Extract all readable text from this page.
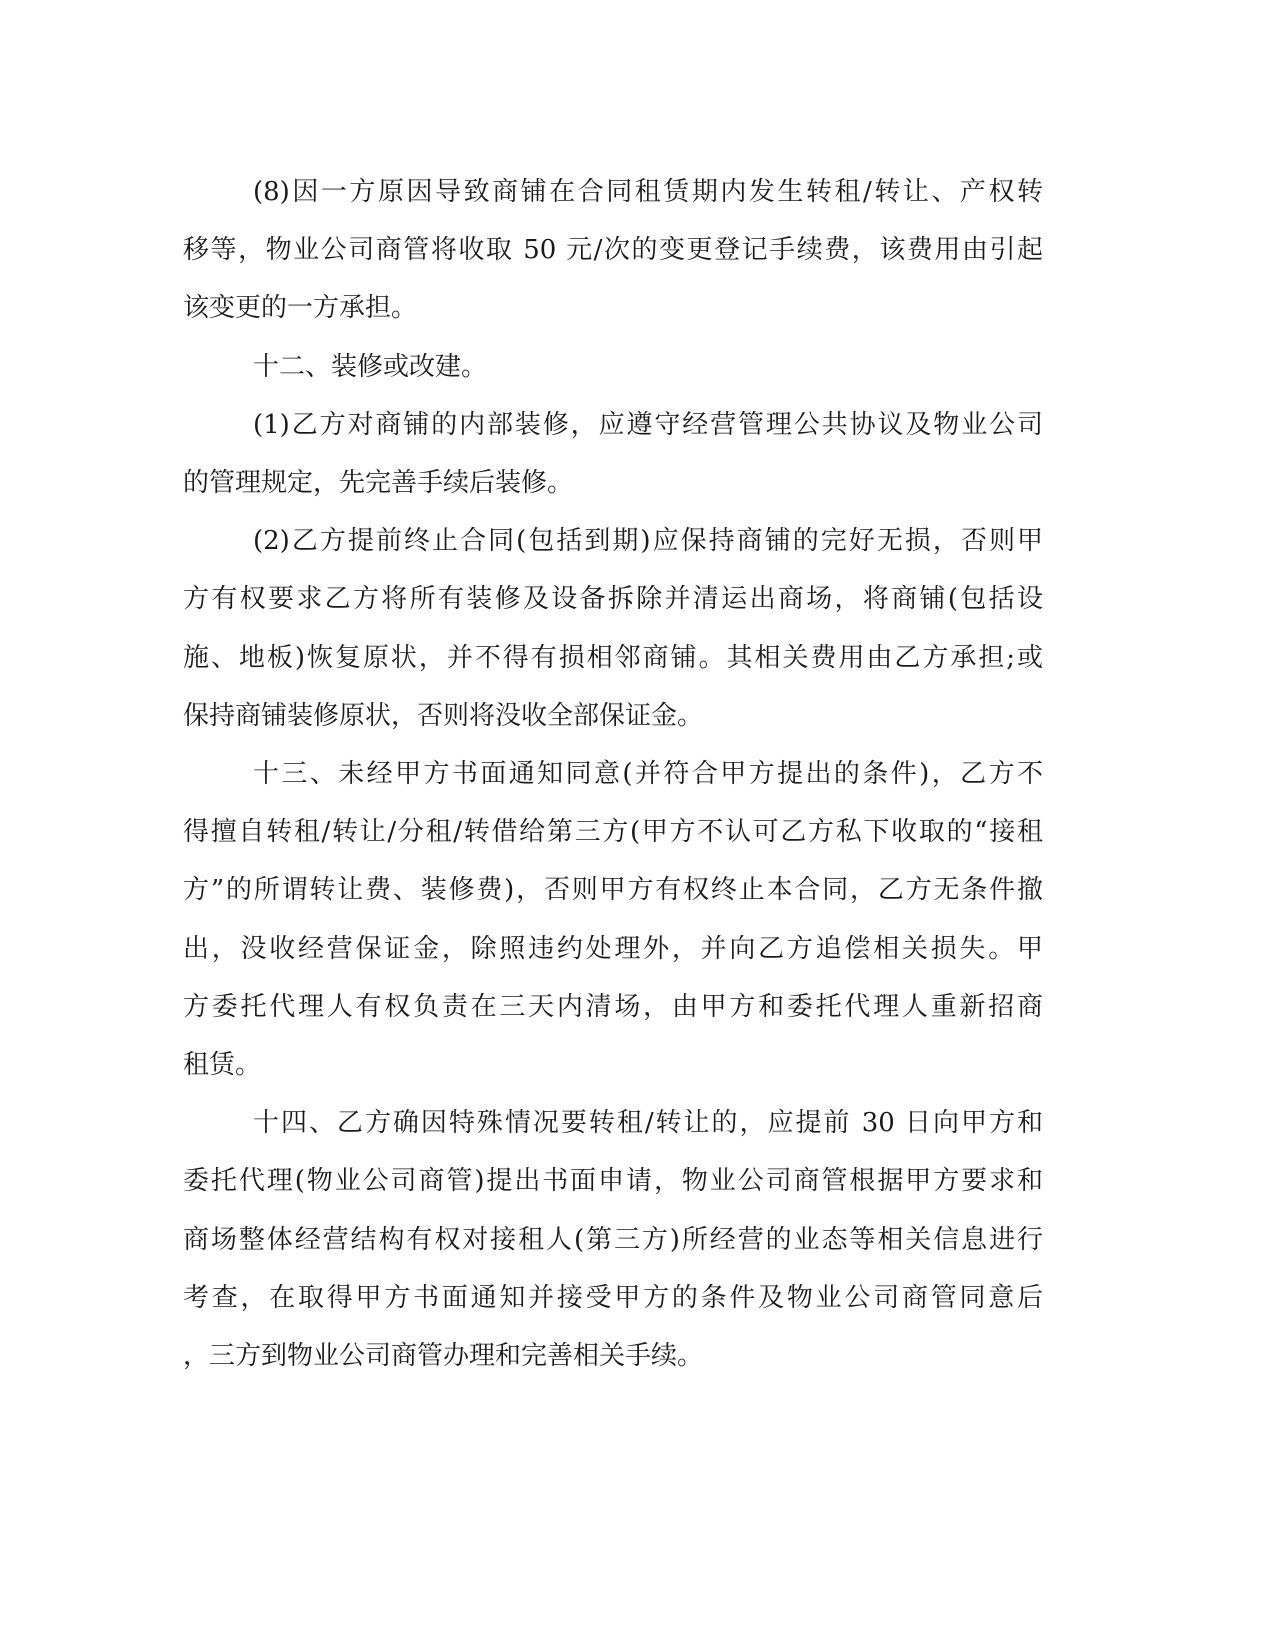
(8)因一方原因导致商铺在合同租赁期内发生转租/转让、产权转
移等，物业公司商管将收取 50 元/次的变更登记手续费，该费用由引起
该变更的一方承担。
十二、装修或改建。
(1)乙方对商铺的内部装修，应遵守经营管理公共协议及物业公司
的管理规定，先完善手续后装修。
(2)乙方提前终止合同(包括到期)应保持商铺的完好无损，否则甲
方有权要求乙方将所有装修及设备拆除并清运出商场，将商铺(包括设
施、地板)恢复原状，并不得有损相邻商铺。其相关费用由乙方承担;或
保持商铺装修原状，否则将没收全部保证金。
十三、未经甲方书面通知同意(并符合甲方提出的条件)，乙方不
得擅自转租/转让/分租/转借给第三方(甲方不认可乙方私下收取的“接租
方”的所谓转让费、装修费)，否则甲方有权终止本合同，乙方无条件撤
出，没收经营保证金，除照违约处理外，并向乙方追偿相关损失。甲
方委托代理人有权负责在三天内清场，由甲方和委托代理人重新招商
租赁。
十四、乙方确因特殊情况要转租/转让的，应提前 30 日向甲方和
委托代理(物业公司商管)提出书面申请，物业公司商管根据甲方要求和
商场整体经营结构有权对接租人(第三方)所经营的业态等相关信息进行
考查，在取得甲方书面通知并接受甲方的条件及物业公司商管同意后
，三方到物业公司商管办理和完善相关手续。
